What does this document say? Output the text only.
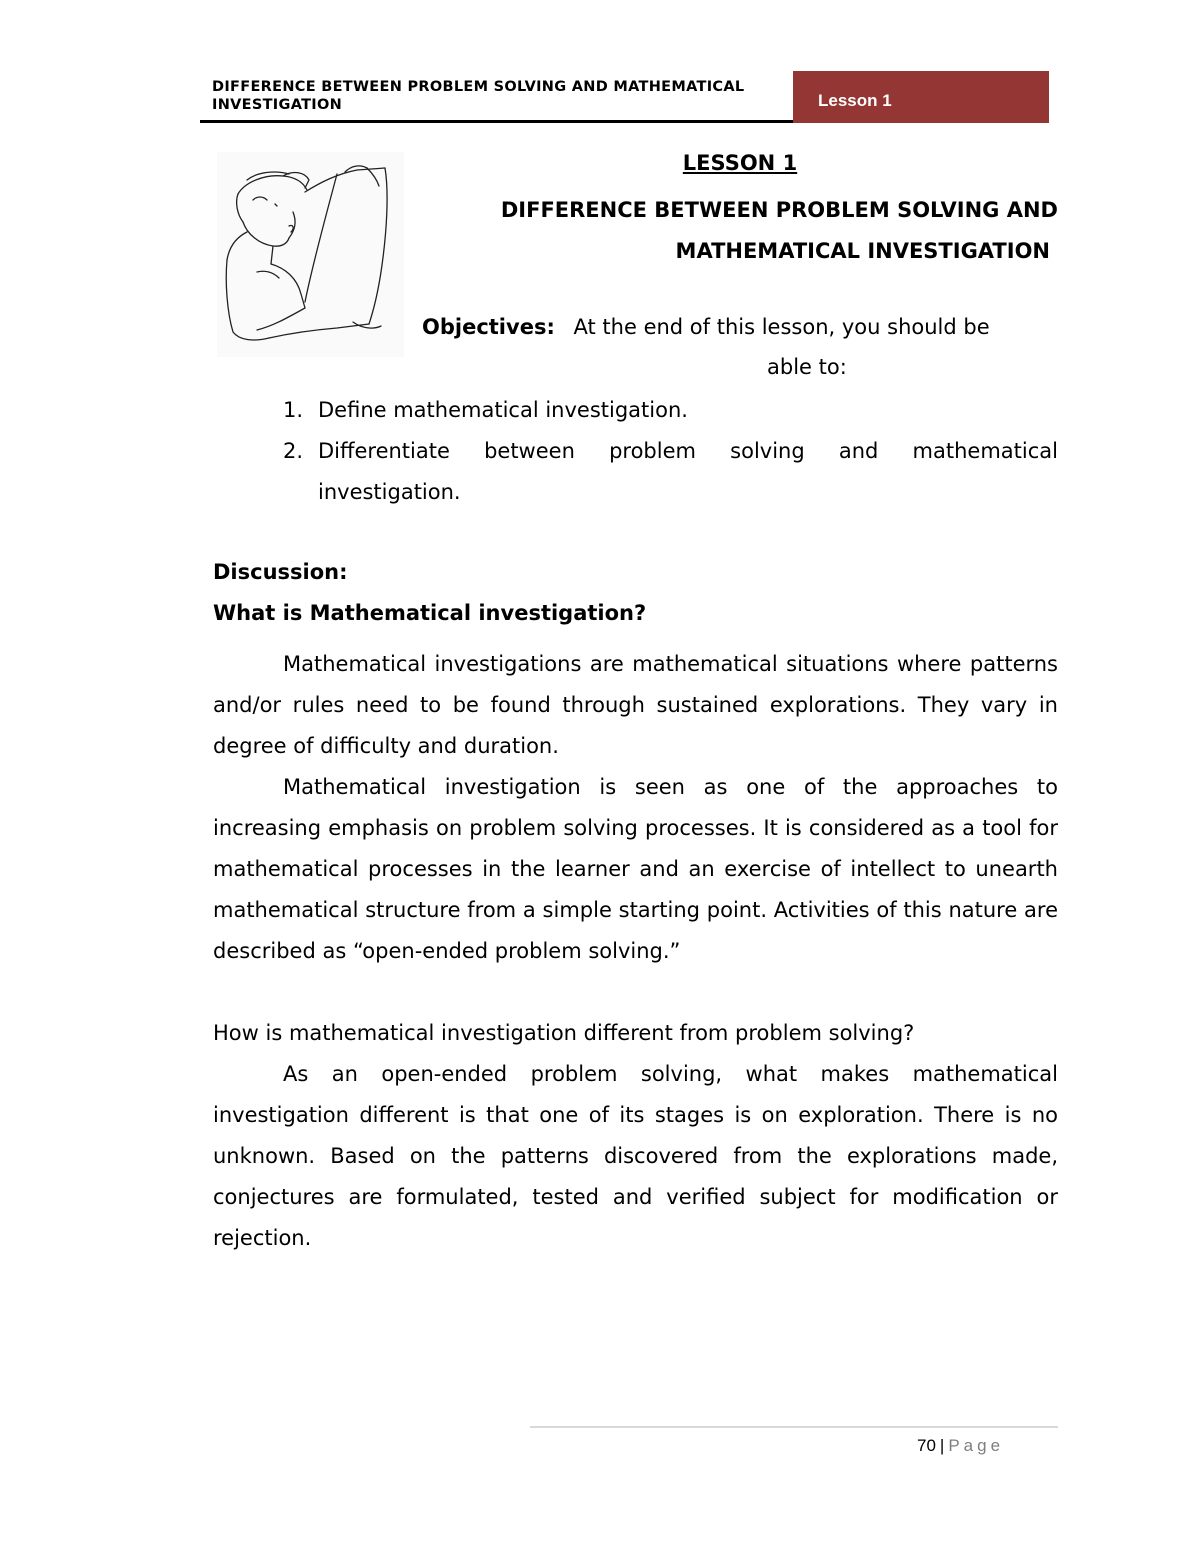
DIFFERENCE BETWEEN PROBLEM SOLVING AND MATHEMATICAL INVESTIGATION	Lesson 1
LESSON 1
DIFFERENCE BETWEEN PROBLEM SOLVING AND
MATHEMATICAL INVESTIGATION
Objectives: At the end of this lesson, you should be
able to:
1. Define mathematical investigation.
2. Differentiate between problem solving and mathematical investigation.

Discussion:

What is Mathematical investigation?

Mathematical investigations are mathematical situations where patterns and/or rules need to be found through sustained explorations. They vary in degree of difficulty and duration.

Mathematical investigation is seen as one of the approaches to increasing emphasis on problem solving processes. It is considered as a tool for mathematical processes in the learner and an exercise of intellect to unearth mathematical structure from a simple starting point. Activities of this nature are described as “open-ended problem solving.”

How is mathematical investigation different from problem solving?

As an open-ended problem solving, what makes mathematical investigation different is that one of its stages is on exploration. There is no unknown. Based on the patterns discovered from the explorations made, conjectures are formulated, tested and verified subject for modification or rejection.

70 | Page
